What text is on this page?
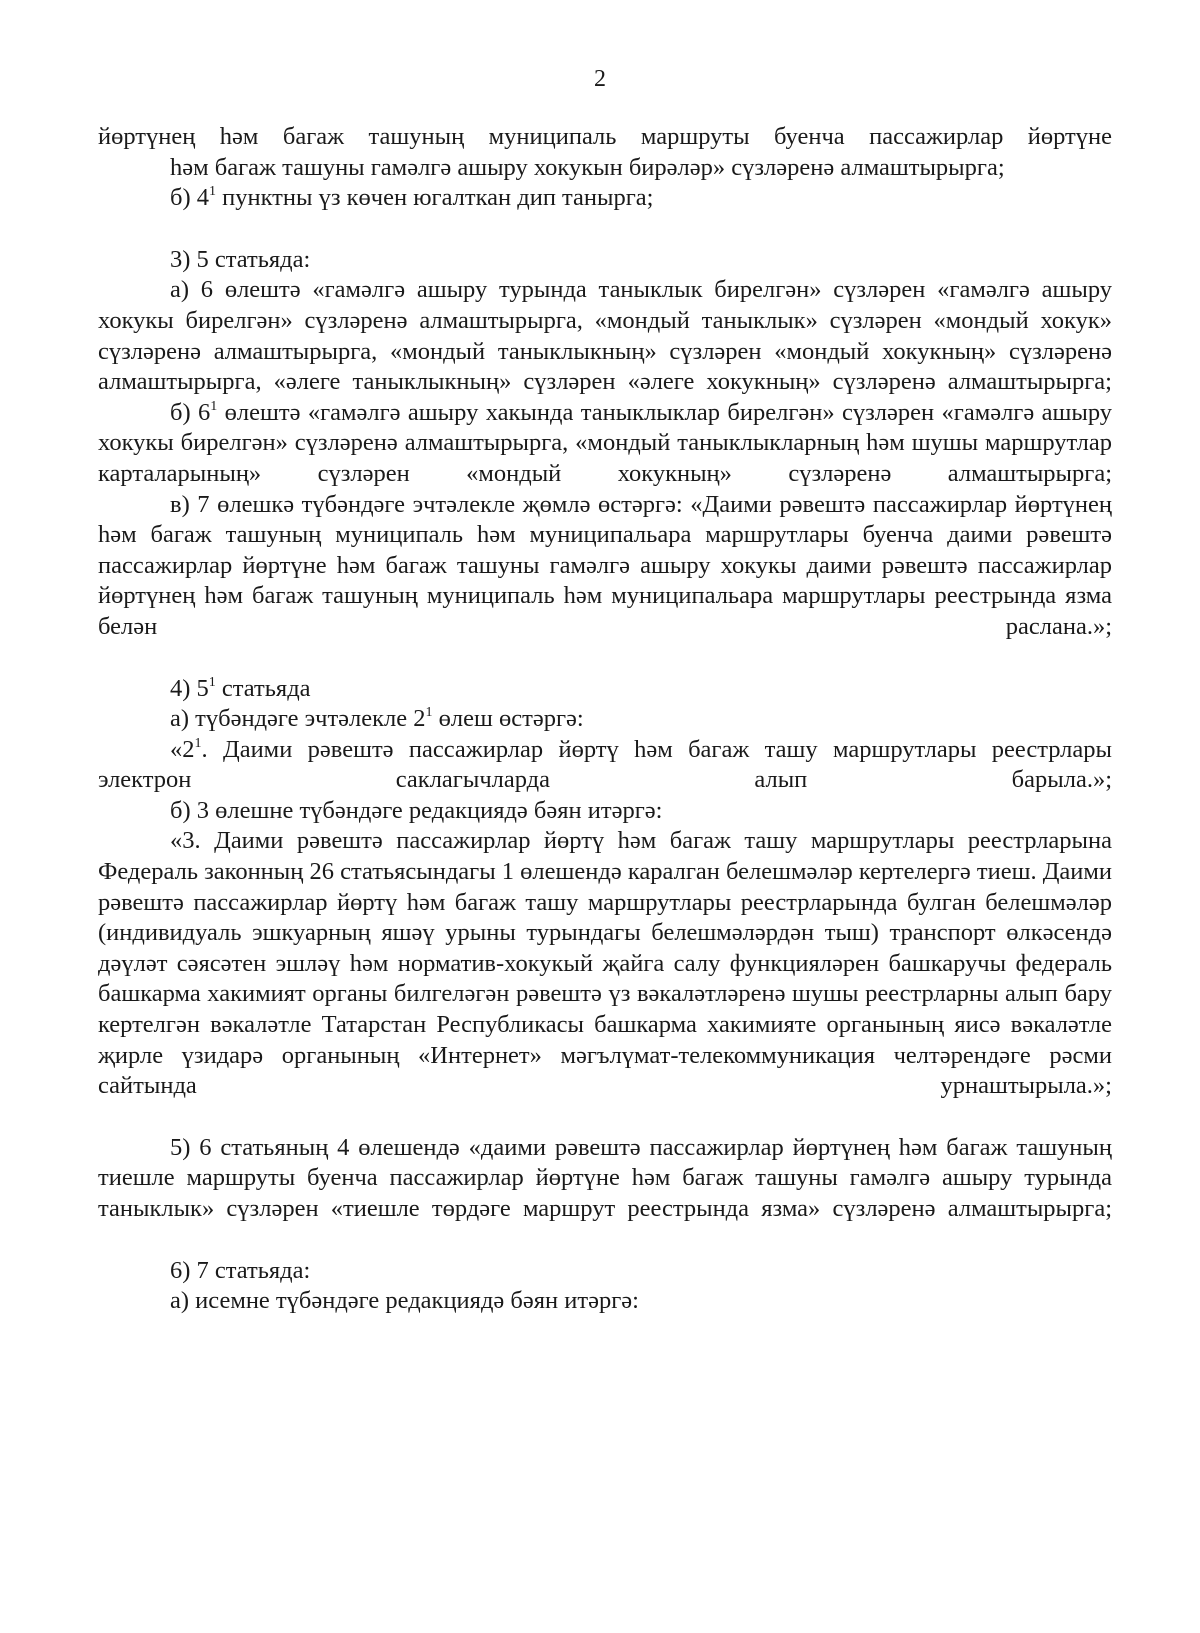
2

йөртүнең һәм багаж ташуның муниципаль маршруты буенча пассажирлар йөртүне

һәм багаж ташуны гамәлгә ашыру хокукын бирәләр» сүзләренә алмаштырырга;

б) $4^1$ пунктны үз көчен югалткан дип танырга;

3) 5 статьяда:

а) 6 өлештә «гамәлгә ашыру турында таныклык бирелгән» сүзләрен «гамәлгә ашыру хокукы бирелгән» сүзләренә алмаштырырга, «мондый таныклык» сүзләрен «мондый хокук» сүзләренә алмаштырырга, «мондый таныклыкның» сүзләрен «мондый хокукның» сүзләренә алмаштырырга, «әлеге таныклыкның» сүзләрен «әлеге хокукның» сүзләренә алмаштырырга;

б) $6^1$ өлештә «гамәлгә ашыру хакында таныклыклар бирелгән» сүзләрен «гамәлгә ашыру хокукы бирелгән» сүзләренә алмаштырырга, «мондый таныклыкларның һәм шушы маршрутлар карталарының» сүзләрен «мондый хокукның» сүзләренә алмаштырырга;

в) 7 өлешкә түбәндәге эчтәлекле җөмлә өстәргә: «Даими рәвештә пассажирлар йөртүнең һәм багаж ташуның муниципаль һәм муниципальара маршрутлары буенча даими рәвештә пассажирлар йөртүне һәм багаж ташуны гамәлгә ашыру хокукы даими рәвештә пассажирлар йөртүнең һәм багаж ташуның муниципаль һәм муниципальара маршрутлары реестрында язма белән раслана.»;

4) $5^1$ статьяда

а) түбәндәге эчтәлекле $2^1$ өлеш өстәргә:

«$2^1$. Даими рәвештә пассажирлар йөртү һәм багаж ташу маршрутлары реестрлары электрон саклагычларда алып барыла.»;

б) 3 өлешне түбәндәге редакциядә бәян итәргә:

«3. Даими рәвештә пассажирлар йөртү һәм багаж ташу маршрутлары реестрларына Федераль законның 26 статьясындагы 1 өлешендә каралган белешмәләр кертелергә тиеш. Даими рәвештә пассажирлар йөртү һәм багаж ташу маршрутлары реестрларында булган белешмәләр (индивидуаль эшкуарның яшәү урыны турындагы белешмәләрдән тыш) транспорт өлкәсендә дәүләт сәясәтен эшләү һәм норматив-хокукый җайга салу функцияләрен башкаручы федераль башкарма хакимият органы билгеләгән рәвештә үз вәкаләтләренә шушы реестрларны алып бару кертелгән вәкаләтле Татарстан Республикасы башкарма хакимияте органының яисә вәкаләтле җирле үзидарә органының «Интернет» мәгълүмат-телекоммуникация челтәрендәге рәсми сайтында урнаштырыла.»;

5) 6 статьяның 4 өлешендә «даими рәвештә пассажирлар йөртүнең һәм багаж ташуның тиешле маршруты буенча пассажирлар йөртүне һәм багаж ташуны гамәлгә ашыру турында таныклык» сүзләрен «тиешле төрдәге маршрут реестрында язма» сүзләренә алмаштырырга;

6) 7 статьяда:

а) исемне түбәндәге редакциядә бәян итәргә:
